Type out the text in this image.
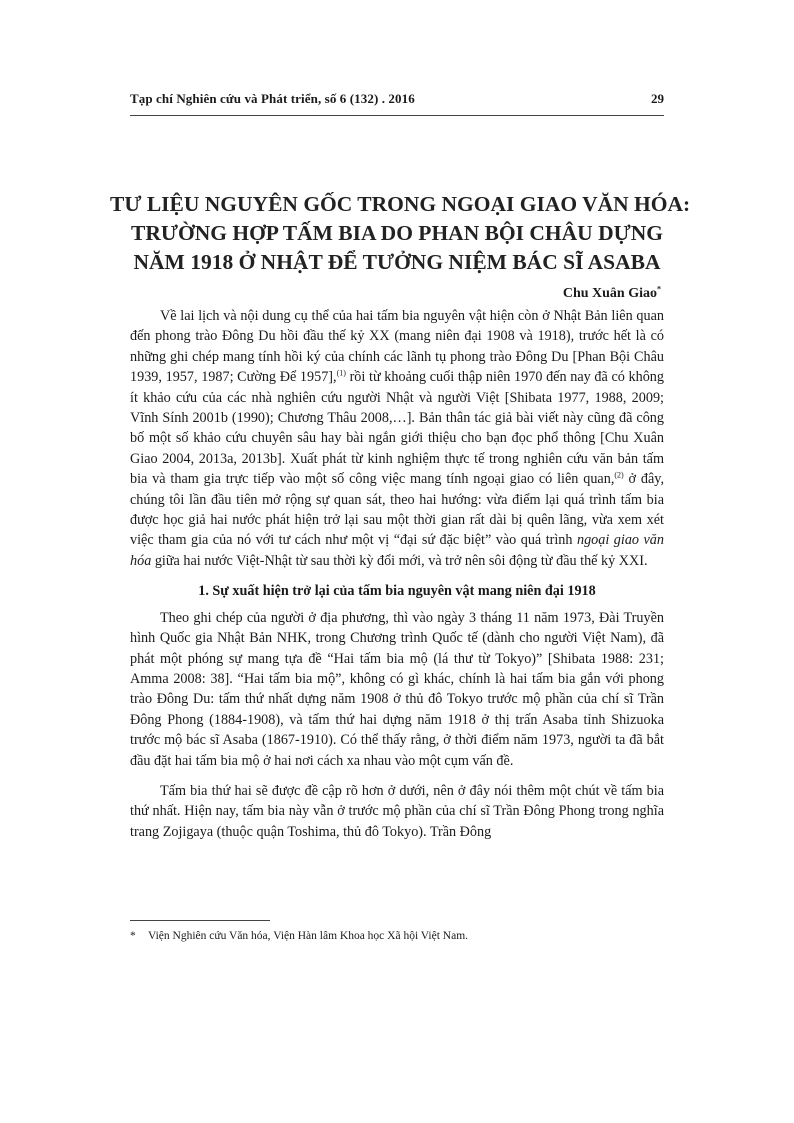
Tạp chí Nghiên cứu và Phát triển, số 6 (132) . 2016	29
TƯ LIỆU NGUYÊN GỐC TRONG NGOẠI GIAO VĂN HÓA:
TRƯỜNG HỢP TẤM BIA DO PHAN BỘI CHÂU DỰNG
NĂM 1918 Ở NHẬT ĐỂ TƯỞNG NIỆM BÁC SĨ ASABA
Chu Xuân Giao*

Về lai lịch và nội dung cụ thể của hai tấm bia nguyên vật hiện còn ở Nhật Bản liên quan đến phong trào Đông Du hồi đầu thế kỷ XX (mang niên đại 1908 và 1918), trước hết là có những ghi chép mang tính hồi ký của chính các lãnh tụ phong trào Đông Du [Phan Bội Châu 1939, 1957, 1987; Cường Để 1957],$^{(1)}$ rồi từ khoảng cuối thập niên 1970 đến nay đã có không ít khảo cứu của các nhà nghiên cứu người Nhật và người Việt [Shibata 1977, 1988, 2009; Vĩnh Sính 2001b (1990); Chương Thâu 2008,…]. Bản thân tác giả bài viết này cũng đã công bố một số khảo cứu chuyên sâu hay bài ngắn giới thiệu cho bạn đọc phổ thông [Chu Xuân Giao 2004, 2013a, 2013b]. Xuất phát từ kinh nghiệm thực tế trong nghiên cứu văn bản tấm bia và tham gia trực tiếp vào một số công việc mang tính ngoại giao có liên quan,$^{(2)}$ ở đây, chúng tôi lần đầu tiên mở rộng sự quan sát, theo hai hướng: vừa điểm lại quá trình tấm bia được học giả hai nước phát hiện trở lại sau một thời gian rất dài bị quên lãng, vừa xem xét việc tham gia của nó với tư cách như một vị “đại sứ đặc biệt” vào quá trình ngoại giao văn hóa giữa hai nước Việt-Nhật từ sau thời kỳ đổi mới, và trở nên sôi động từ đầu thế kỷ XXI.

1. Sự xuất hiện trở lại của tấm bia nguyên vật mang niên đại 1918

Theo ghi chép của người ở địa phương, thì vào ngày 3 tháng 11 năm 1973, Đài Truyền hình Quốc gia Nhật Bản NHK, trong Chương trình Quốc tế (dành cho người Việt Nam), đã phát một phóng sự mang tựa đề “Hai tấm bia mộ (lá thư từ Tokyo)” [Shibata 1988: 231; Amma 2008: 38]. “Hai tấm bia mộ”, không có gì khác, chính là hai tấm bia gắn với phong trào Đông Du: tấm thứ nhất dựng năm 1908 ở thủ đô Tokyo trước mộ phần của chí sĩ Trần Đông Phong (1884-1908), và tấm thứ hai dựng năm 1918 ở thị trấn Asaba tỉnh Shizuoka trước mộ bác sĩ Asaba (1867-1910). Có thể thấy rằng, ở thời điểm năm 1973, người ta đã bắt đầu đặt hai tấm bia mộ ở hai nơi cách xa nhau vào một cụm vấn đề.

Tấm bia thứ hai sẽ được đề cập rõ hơn ở dưới, nên ở đây nói thêm một chút về tấm bia thứ nhất. Hiện nay, tấm bia này vẫn ở trước mộ phần của chí sĩ Trần Đông Phong trong nghĩa trang Zojigaya (thuộc quận Toshima, thủ đô Tokyo). Trần Đông

* Viện Nghiên cứu Văn hóa, Viện Hàn lâm Khoa học Xã hội Việt Nam.
